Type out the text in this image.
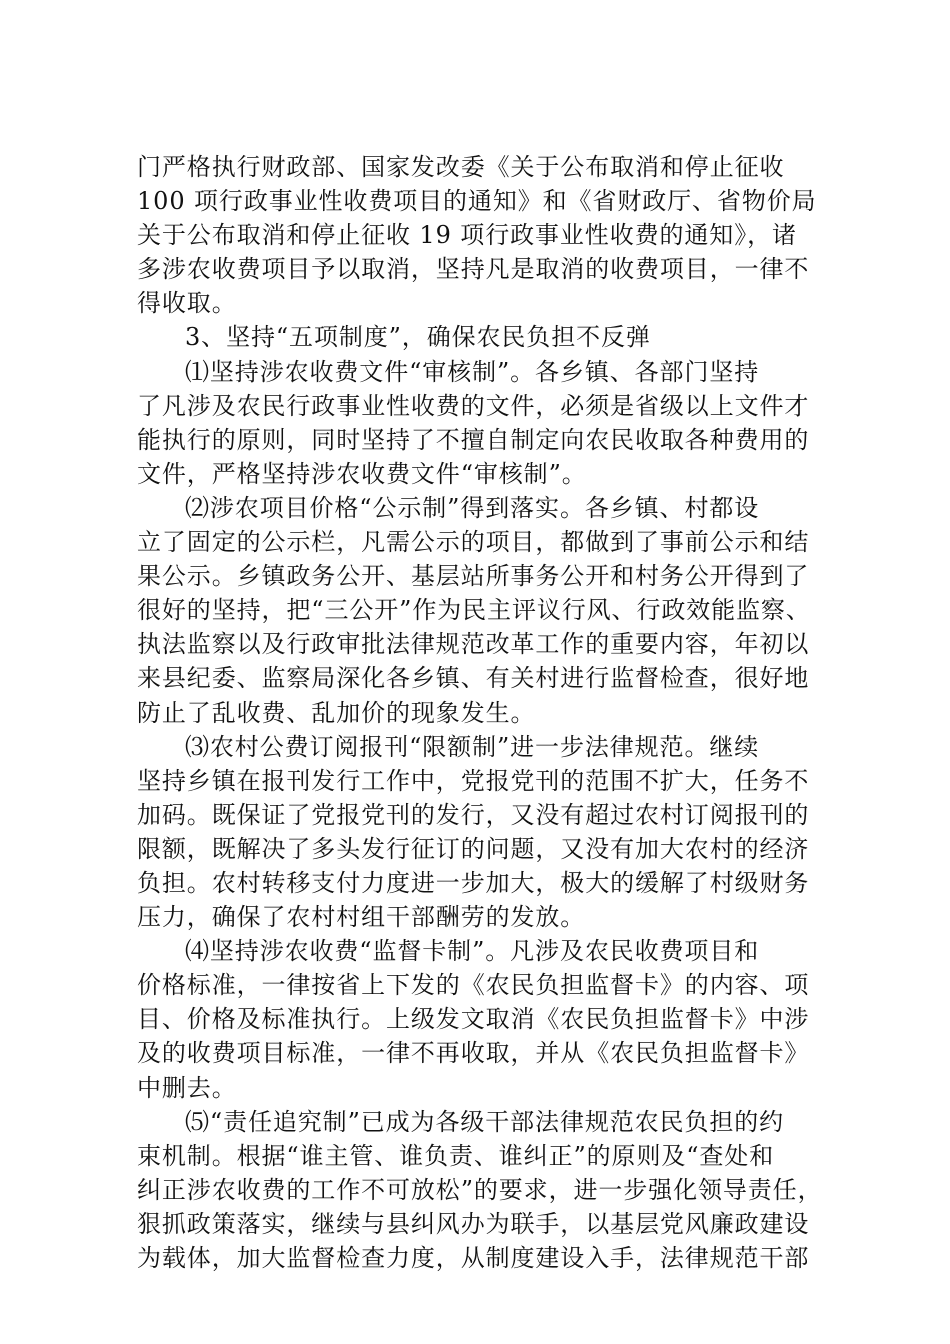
门严格执行财政部、国家发改委《关于公布取消和停止征收
100 项行政事业性收费项目的通知》和《省财政厅、省物价局
关于公布取消和停止征收 19 项行政事业性收费的通知》，诸
多涉农收费项目予以取消，坚持凡是取消的收费项目，一律不
得收取。
3、坚持“五项制度”，确保农民负担不反弹
⑴坚持涉农收费文件“审核制”。各乡镇、各部门坚持
了凡涉及农民行政事业性收费的文件，必须是省级以上文件才
能执行的原则，同时坚持了不擅自制定向农民收取各种费用的
文件，严格坚持涉农收费文件“审核制”。
⑵涉农项目价格“公示制”得到落实。各乡镇、村都设
立了固定的公示栏，凡需公示的项目，都做到了事前公示和结
果公示。乡镇政务公开、基层站所事务公开和村务公开得到了
很好的坚持，把“三公开”作为民主评议行风、行政效能监察、
执法监察以及行政审批法律规范改革工作的重要内容，年初以
来县纪委、监察局深化各乡镇、有关村进行监督检查，很好地
防止了乱收费、乱加价的现象发生。
⑶农村公费订阅报刊“限额制”进一步法律规范。继续
坚持乡镇在报刊发行工作中，党报党刊的范围不扩大，任务不
加码。既保证了党报党刊的发行，又没有超过农村订阅报刊的
限额，既解决了多头发行征订的问题，又没有加大农村的经济
负担。农村转移支付力度进一步加大，极大的缓解了村级财务
压力，确保了农村村组干部酬劳的发放。
⑷坚持涉农收费“监督卡制”。凡涉及农民收费项目和
价格标准，一律按省上下发的《农民负担监督卡》的内容、项
目、价格及标准执行。上级发文取消《农民负担监督卡》中涉
及的收费项目标准，一律不再收取，并从《农民负担监督卡》
中删去。
⑸“责任追究制”已成为各级干部法律规范农民负担的约
束机制。根据“谁主管、谁负责、谁纠正”的原则及“查处和
纠正涉农收费的工作不可放松”的要求，进一步强化领导责任，
狠抓政策落实，继续与县纠风办为联手，以基层党风廉政建设
为载体，加大监督检查力度，从制度建设入手，法律规范干部
